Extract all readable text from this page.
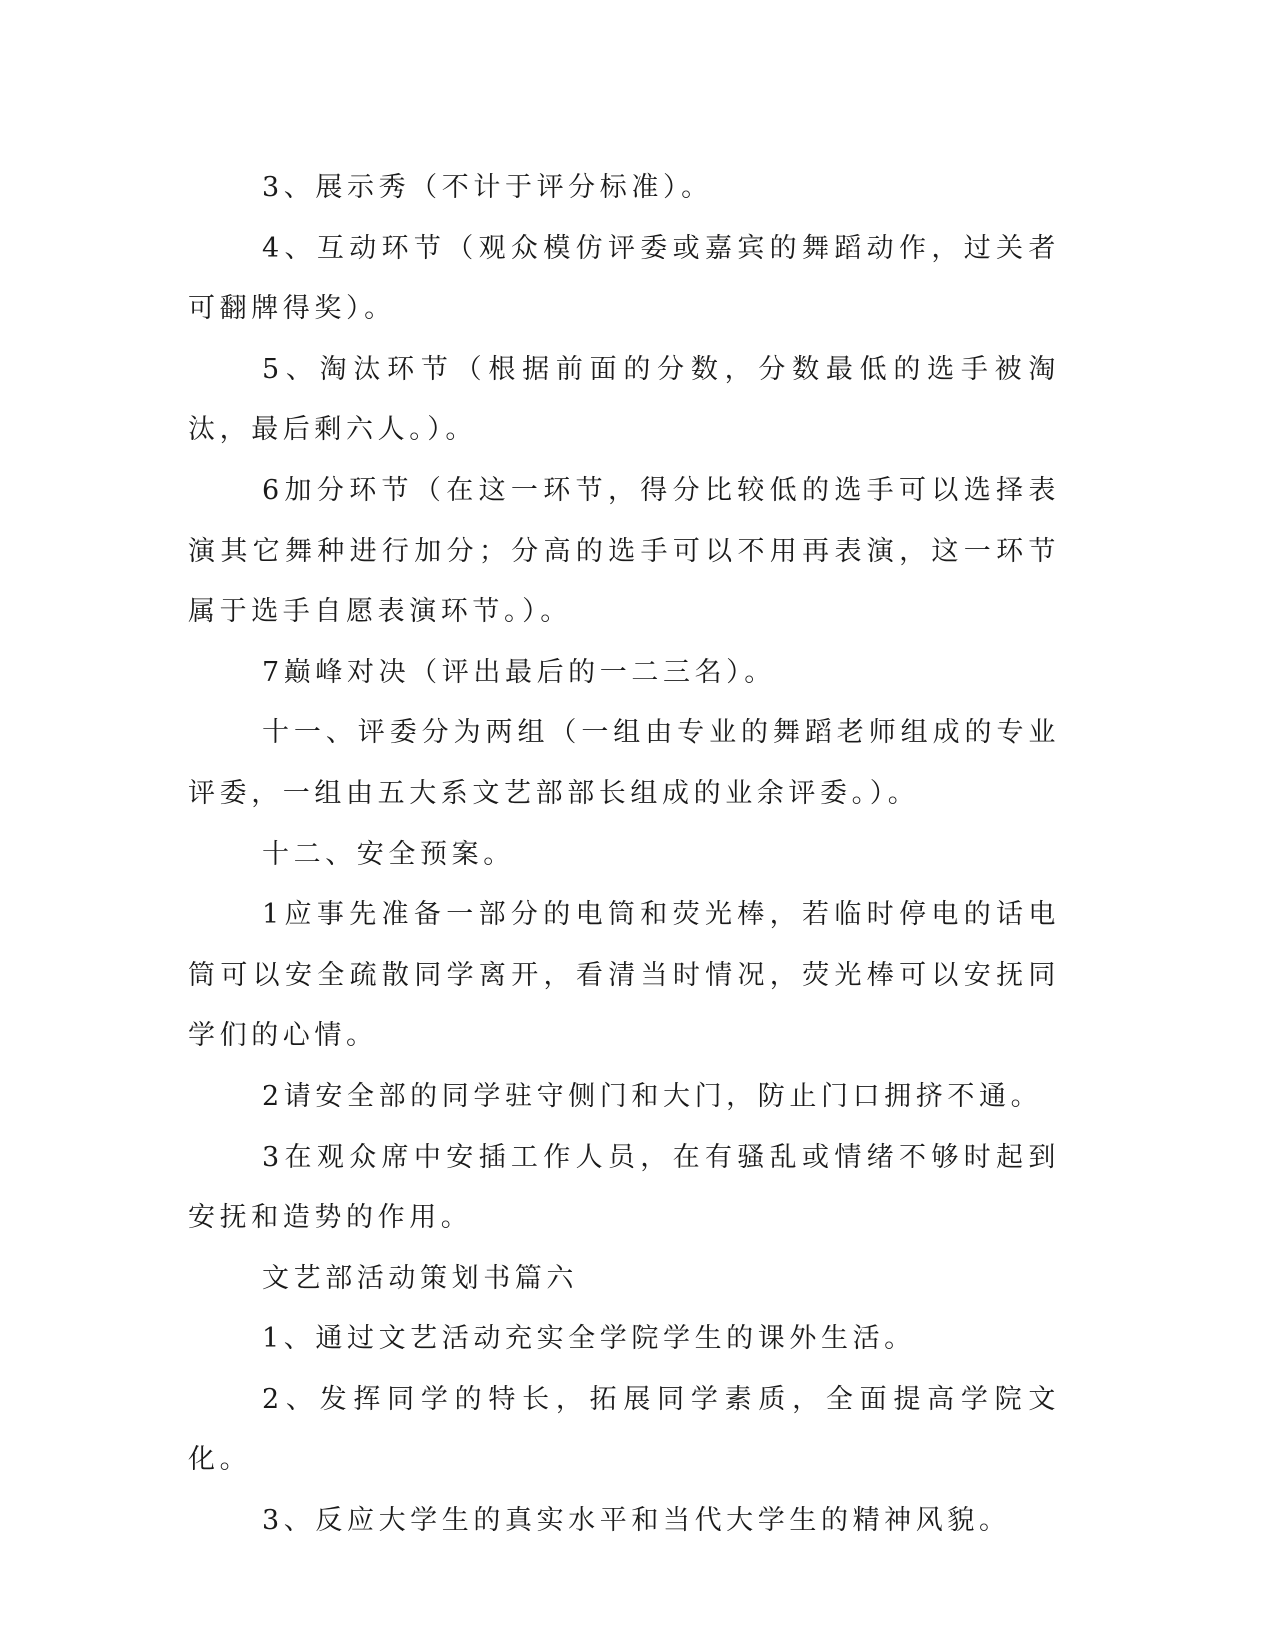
3、展示秀（不计于评分标准）。

4、互动环节（观众模仿评委或嘉宾的舞蹈动作，过关者可翻牌得奖）。

5、淘汰环节（根据前面的分数，分数最低的选手被淘汰，最后剩六人。）。

6加分环节（在这一环节，得分比较低的选手可以选择表演其它舞种进行加分；分高的选手可以不用再表演，这一环节属于选手自愿表演环节。）。

7巅峰对决（评出最后的一二三名）。

十一、评委分为两组（一组由专业的舞蹈老师组成的专业评委，一组由五大系文艺部部长组成的业余评委。）。

十二、安全预案。

1应事先准备一部分的电筒和荧光棒，若临时停电的话电筒可以安全疏散同学离开，看清当时情况，荧光棒可以安抚同学们的心情。

2请安全部的同学驻守侧门和大门，防止门口拥挤不通。

3在观众席中安插工作人员，在有骚乱或情绪不够时起到安抚和造势的作用。

文艺部活动策划书篇六

1、通过文艺活动充实全学院学生的课外生活。

2、发挥同学的特长，拓展同学素质，全面提高学院文化。

3、反应大学生的真实水平和当代大学生的精神风貌。
